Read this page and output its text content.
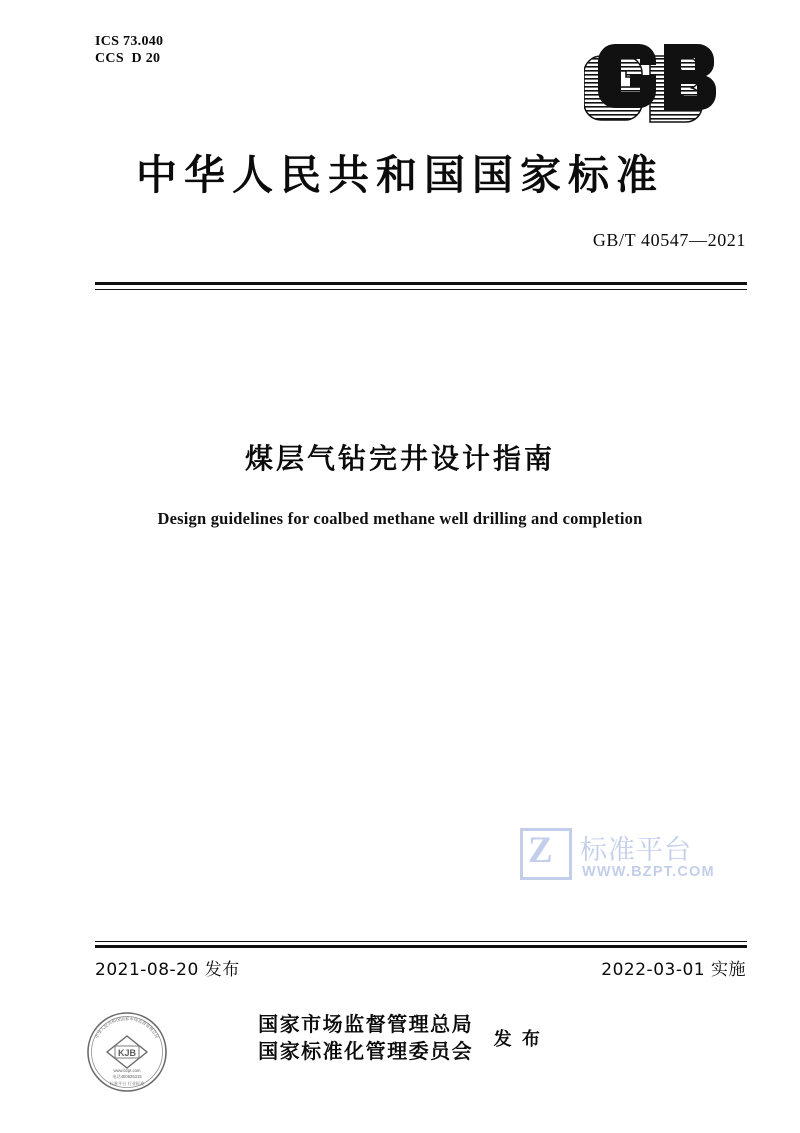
ICS 73.040
CCS  D 20
中华人民共和国国家标准
GB/T 40547—2021
煤层气钻完井设计指南
Design guidelines for coalbed methane well drilling and completion
Z 标准平台
WWW.BZPT.COM
2021-08-20 发布	2022-03-01 实施
国家市场监督管理总局
国家标准化管理委员会 发 布
KJB
中华人民共和国国家市场监督管理总局
www.bzpt.com
电话400626315
标准平台 行业标准
